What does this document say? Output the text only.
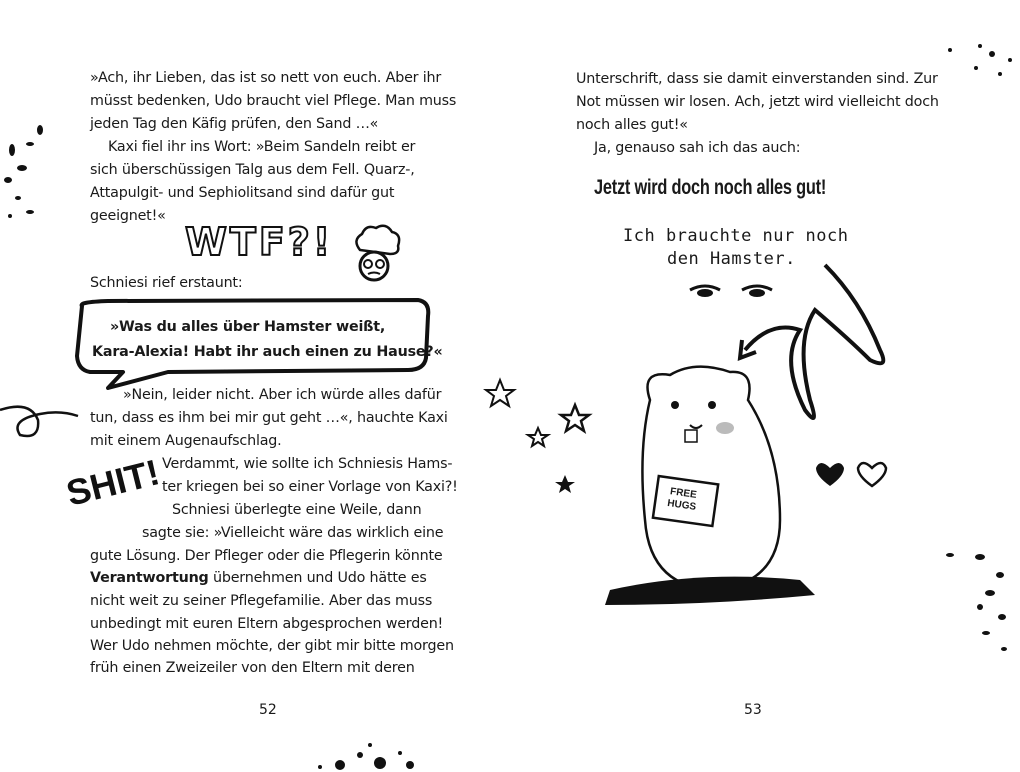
»Ach, ihr Lieben, das ist so nett von euch. Aber ihr
müsst bedenken, Udo braucht viel Pflege. Man muss
jeden Tag den Käfig prüfen, den Sand …«
Kaxi fiel ihr ins Wort: »Beim Sandeln reibt er
sich überschüssigen Talg aus dem Fell. Quarz-,
Attapulgit- und Sephiolitsand sind dafür gut
geeignet!«
WTF?!
Schniesi rief erstaunt:
»Was du alles über Hamster weißt,
Kara-Alexia! Habt ihr auch einen zu Hause?«
»Nein, leider nicht. Aber ich würde alles dafür
tun, dass es ihm bei mir gut geht …«, hauchte Kaxi
mit einem Augenaufschlag.
Verdammt, wie sollte ich Schniesis Hams-
ter kriegen bei so einer Vorlage von Kaxi?!
Schniesi überlegte eine Weile, dann
sagte sie: »Vielleicht wäre das wirklich eine
gute Lösung. Der Pfleger oder die Pflegerin könnte
Verantwortung übernehmen und Udo hätte es
nicht weit zu seiner Pflegefamilie. Aber das muss
unbedingt mit euren Eltern abgesprochen werden!
Wer Udo nehmen möchte, der gibt mir bitte morgen
früh einen Zweizeiler von den Eltern mit deren
SHIT!
52
Unterschrift, dass sie damit einverstanden sind. Zur
Not müssen wir losen. Ach, jetzt wird vielleicht doch
noch alles gut!«
Ja, genauso sah ich das auch:
Jetzt wird doch noch alles gut!
Ich brauchte nur noch
den Hamster.
FREE
HUGS
53
